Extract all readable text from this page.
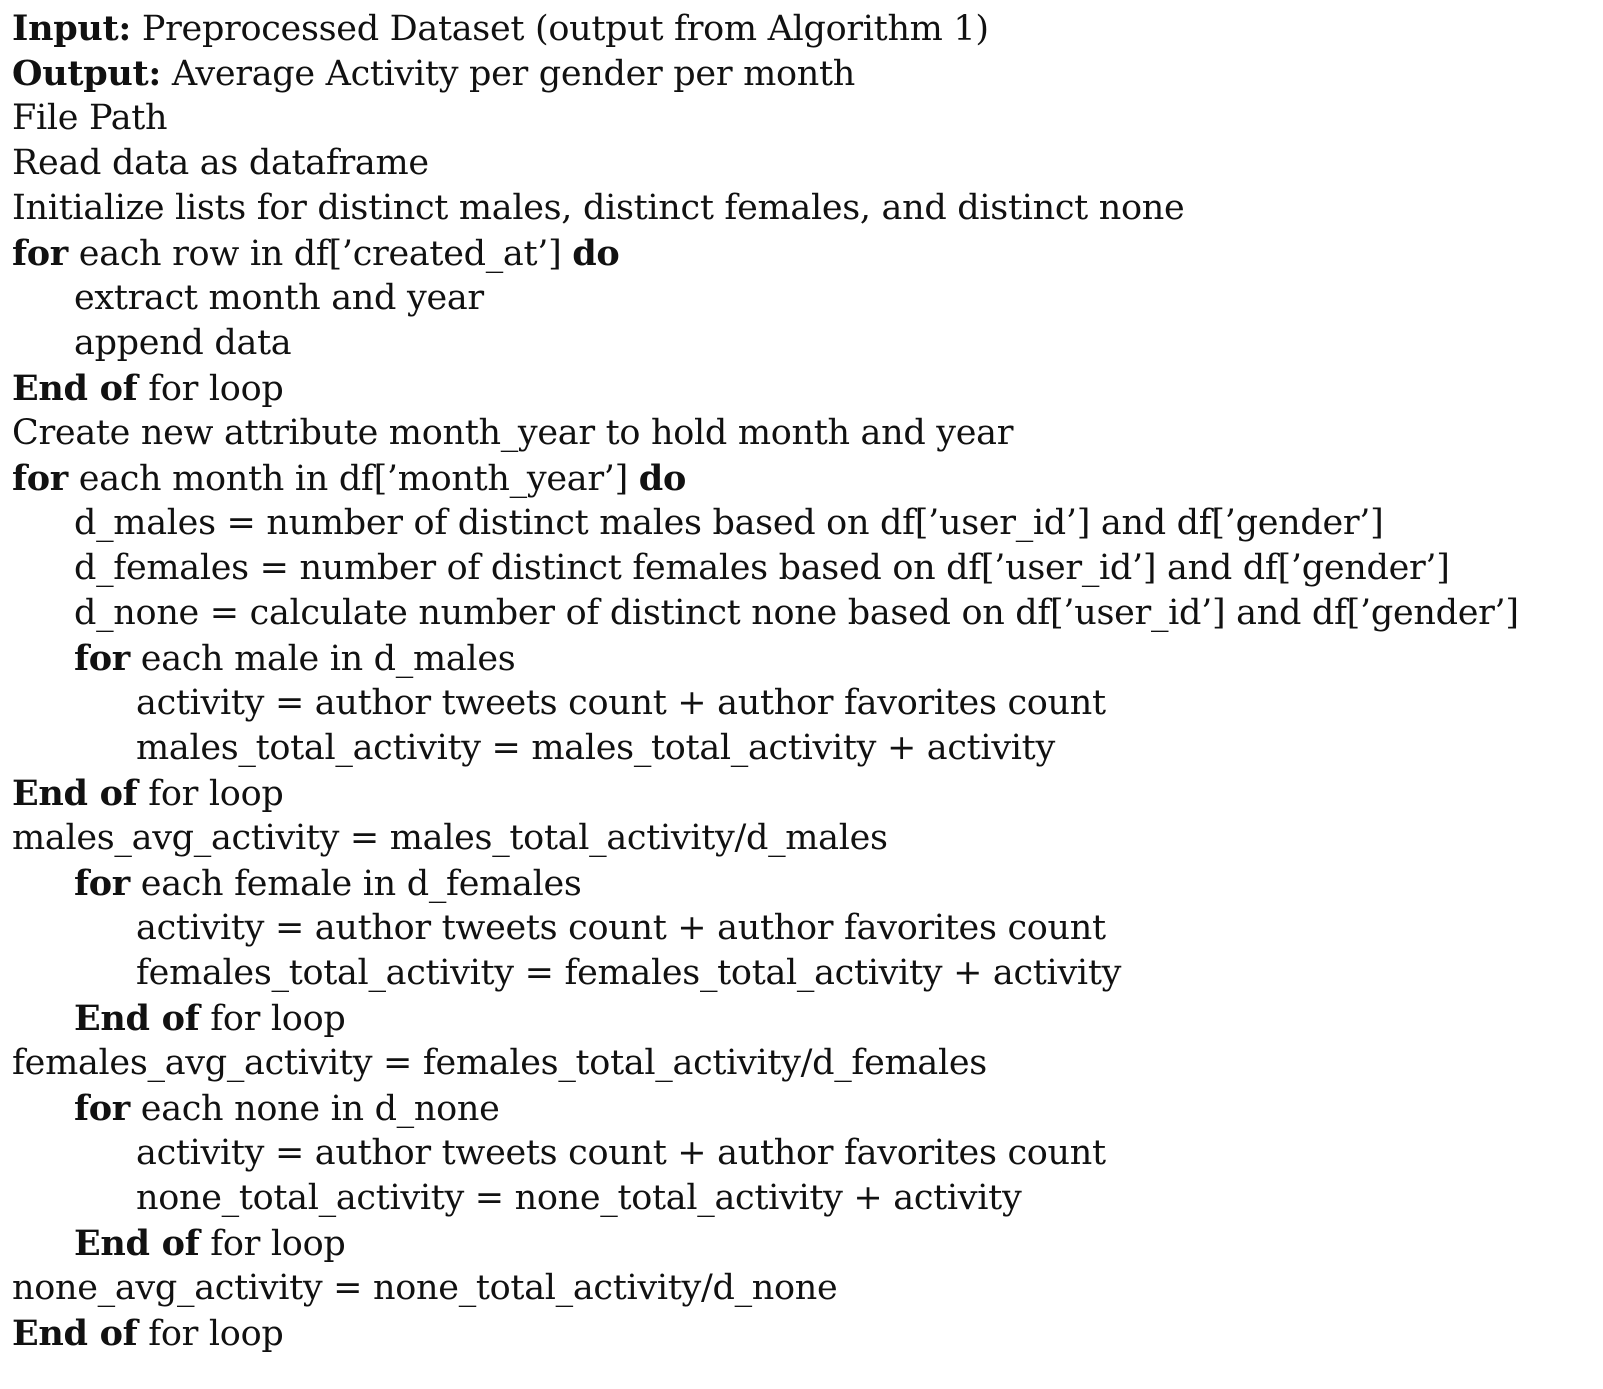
Input: Preprocessed Dataset (output from Algorithm 1)
Output: Average Activity per gender per month
File Path
Read data as dataframe
Initialize lists for distinct males, distinct females, and distinct none
for each row in df[’created_at’] do
extract month and year
append data
End of for loop
Create new attribute month_year to hold month and year
for each month in df[’month_year’] do
d_males = number of distinct males based on df[’user_id’] and df[’gender’]
d_females = number of distinct females based on df[’user_id’] and df[’gender’]
d_none = calculate number of distinct none based on df[’user_id’] and df[’gender’]
for each male in d_males
activity = author tweets count + author favorites count
males_total_activity = males_total_activity + activity
End of for loop
males_avg_activity = males_total_activity/d_males
for each female in d_females
activity = author tweets count + author favorites count
females_total_activity = females_total_activity + activity
End of for loop
females_avg_activity = females_total_activity/d_females
for each none in d_none
activity = author tweets count + author favorites count
none_total_activity = none_total_activity + activity
End of for loop
none_avg_activity = none_total_activity/d_none
End of for loop
